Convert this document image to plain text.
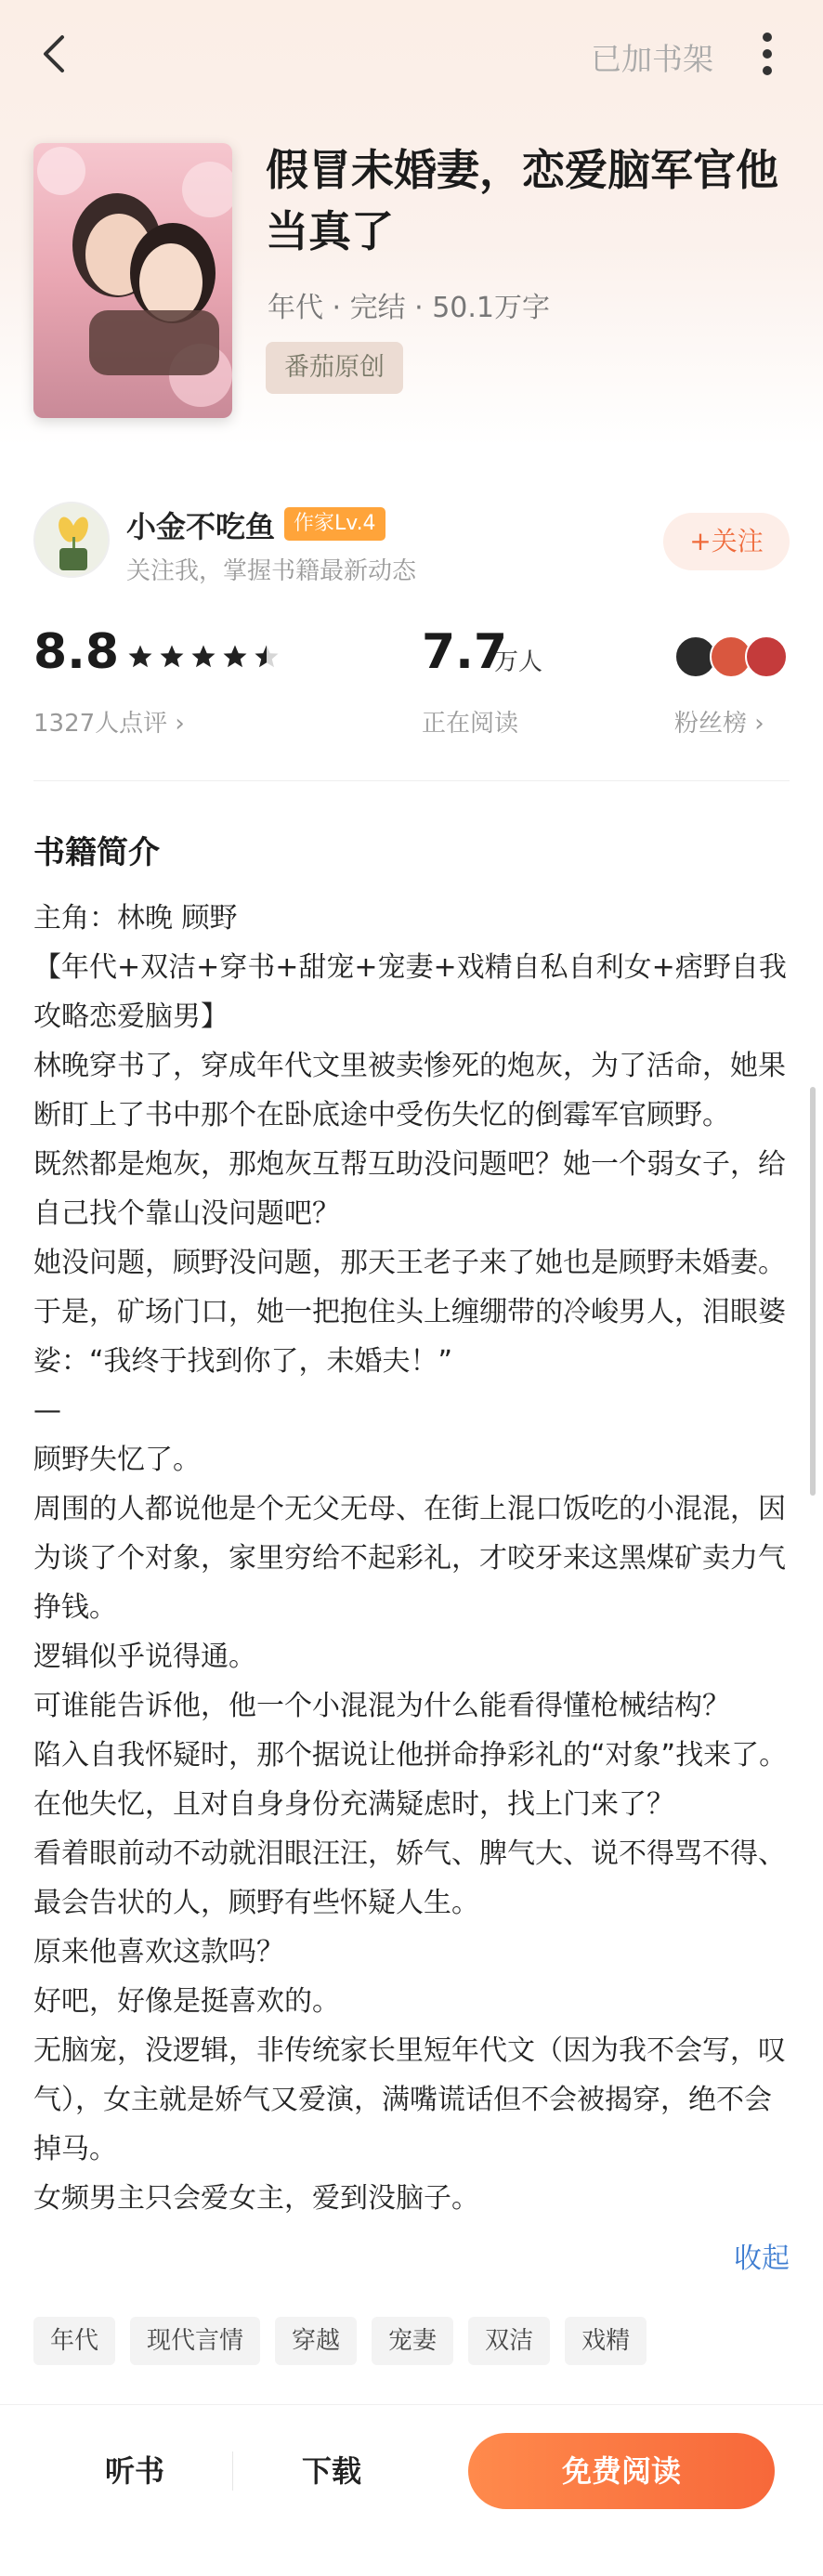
已加书架
假冒未婚妻，恋爱脑军官他当真了
年代 · 完结 · 50.1万字
番茄原创
小金不吃鱼 作家Lv.4
关注我，掌握书籍最新动态
+关注
8.8
1327人点评 ›
7.7
万人
正在阅读	粉丝榜 ›
书籍简介

主角：林晚 顾野

【年代+双洁+穿书+甜宠+宠妻+戏精自私自利女+痞野自我攻略恋爱脑男】

林晚穿书了，穿成年代文里被卖惨死的炮灰，为了活命，她果断盯上了书中那个在卧底途中受伤失忆的倒霉军官顾野。

既然都是炮灰，那炮灰互帮互助没问题吧？她一个弱女子，给自己找个靠山没问题吧？

她没问题，顾野没问题，那天王老子来了她也是顾野未婚妻。

于是，矿场门口，她一把抱住头上缠绷带的冷峻男人，泪眼婆娑：“我终于找到你了，未婚夫！”

—

顾野失忆了。

周围的人都说他是个无父无母、在街上混口饭吃的小混混，因为谈了个对象，家里穷给不起彩礼，才咬牙来这黑煤矿卖力气挣钱。

逻辑似乎说得通。

可谁能告诉他，他一个小混混为什么能看得懂枪械结构？

陷入自我怀疑时，那个据说让他拼命挣彩礼的“对象”找来了。

在他失忆，且对自身身份充满疑虑时，找上门来了？

看着眼前动不动就泪眼汪汪，娇气、脾气大、说不得骂不得、最会告状的人，顾野有些怀疑人生。

原来他喜欢这款吗？

好吧，好像是挺喜欢的。

无脑宠，没逻辑，非传统家长里短年代文（因为我不会写，叹气），女主就是娇气又爱演，满嘴谎话但不会被揭穿，绝不会掉马。

女频男主只会爱女主，爱到没脑子。

收起
年代	现代言情	穿越	宠妻	双洁	戏精
听书	下载	免费阅读
